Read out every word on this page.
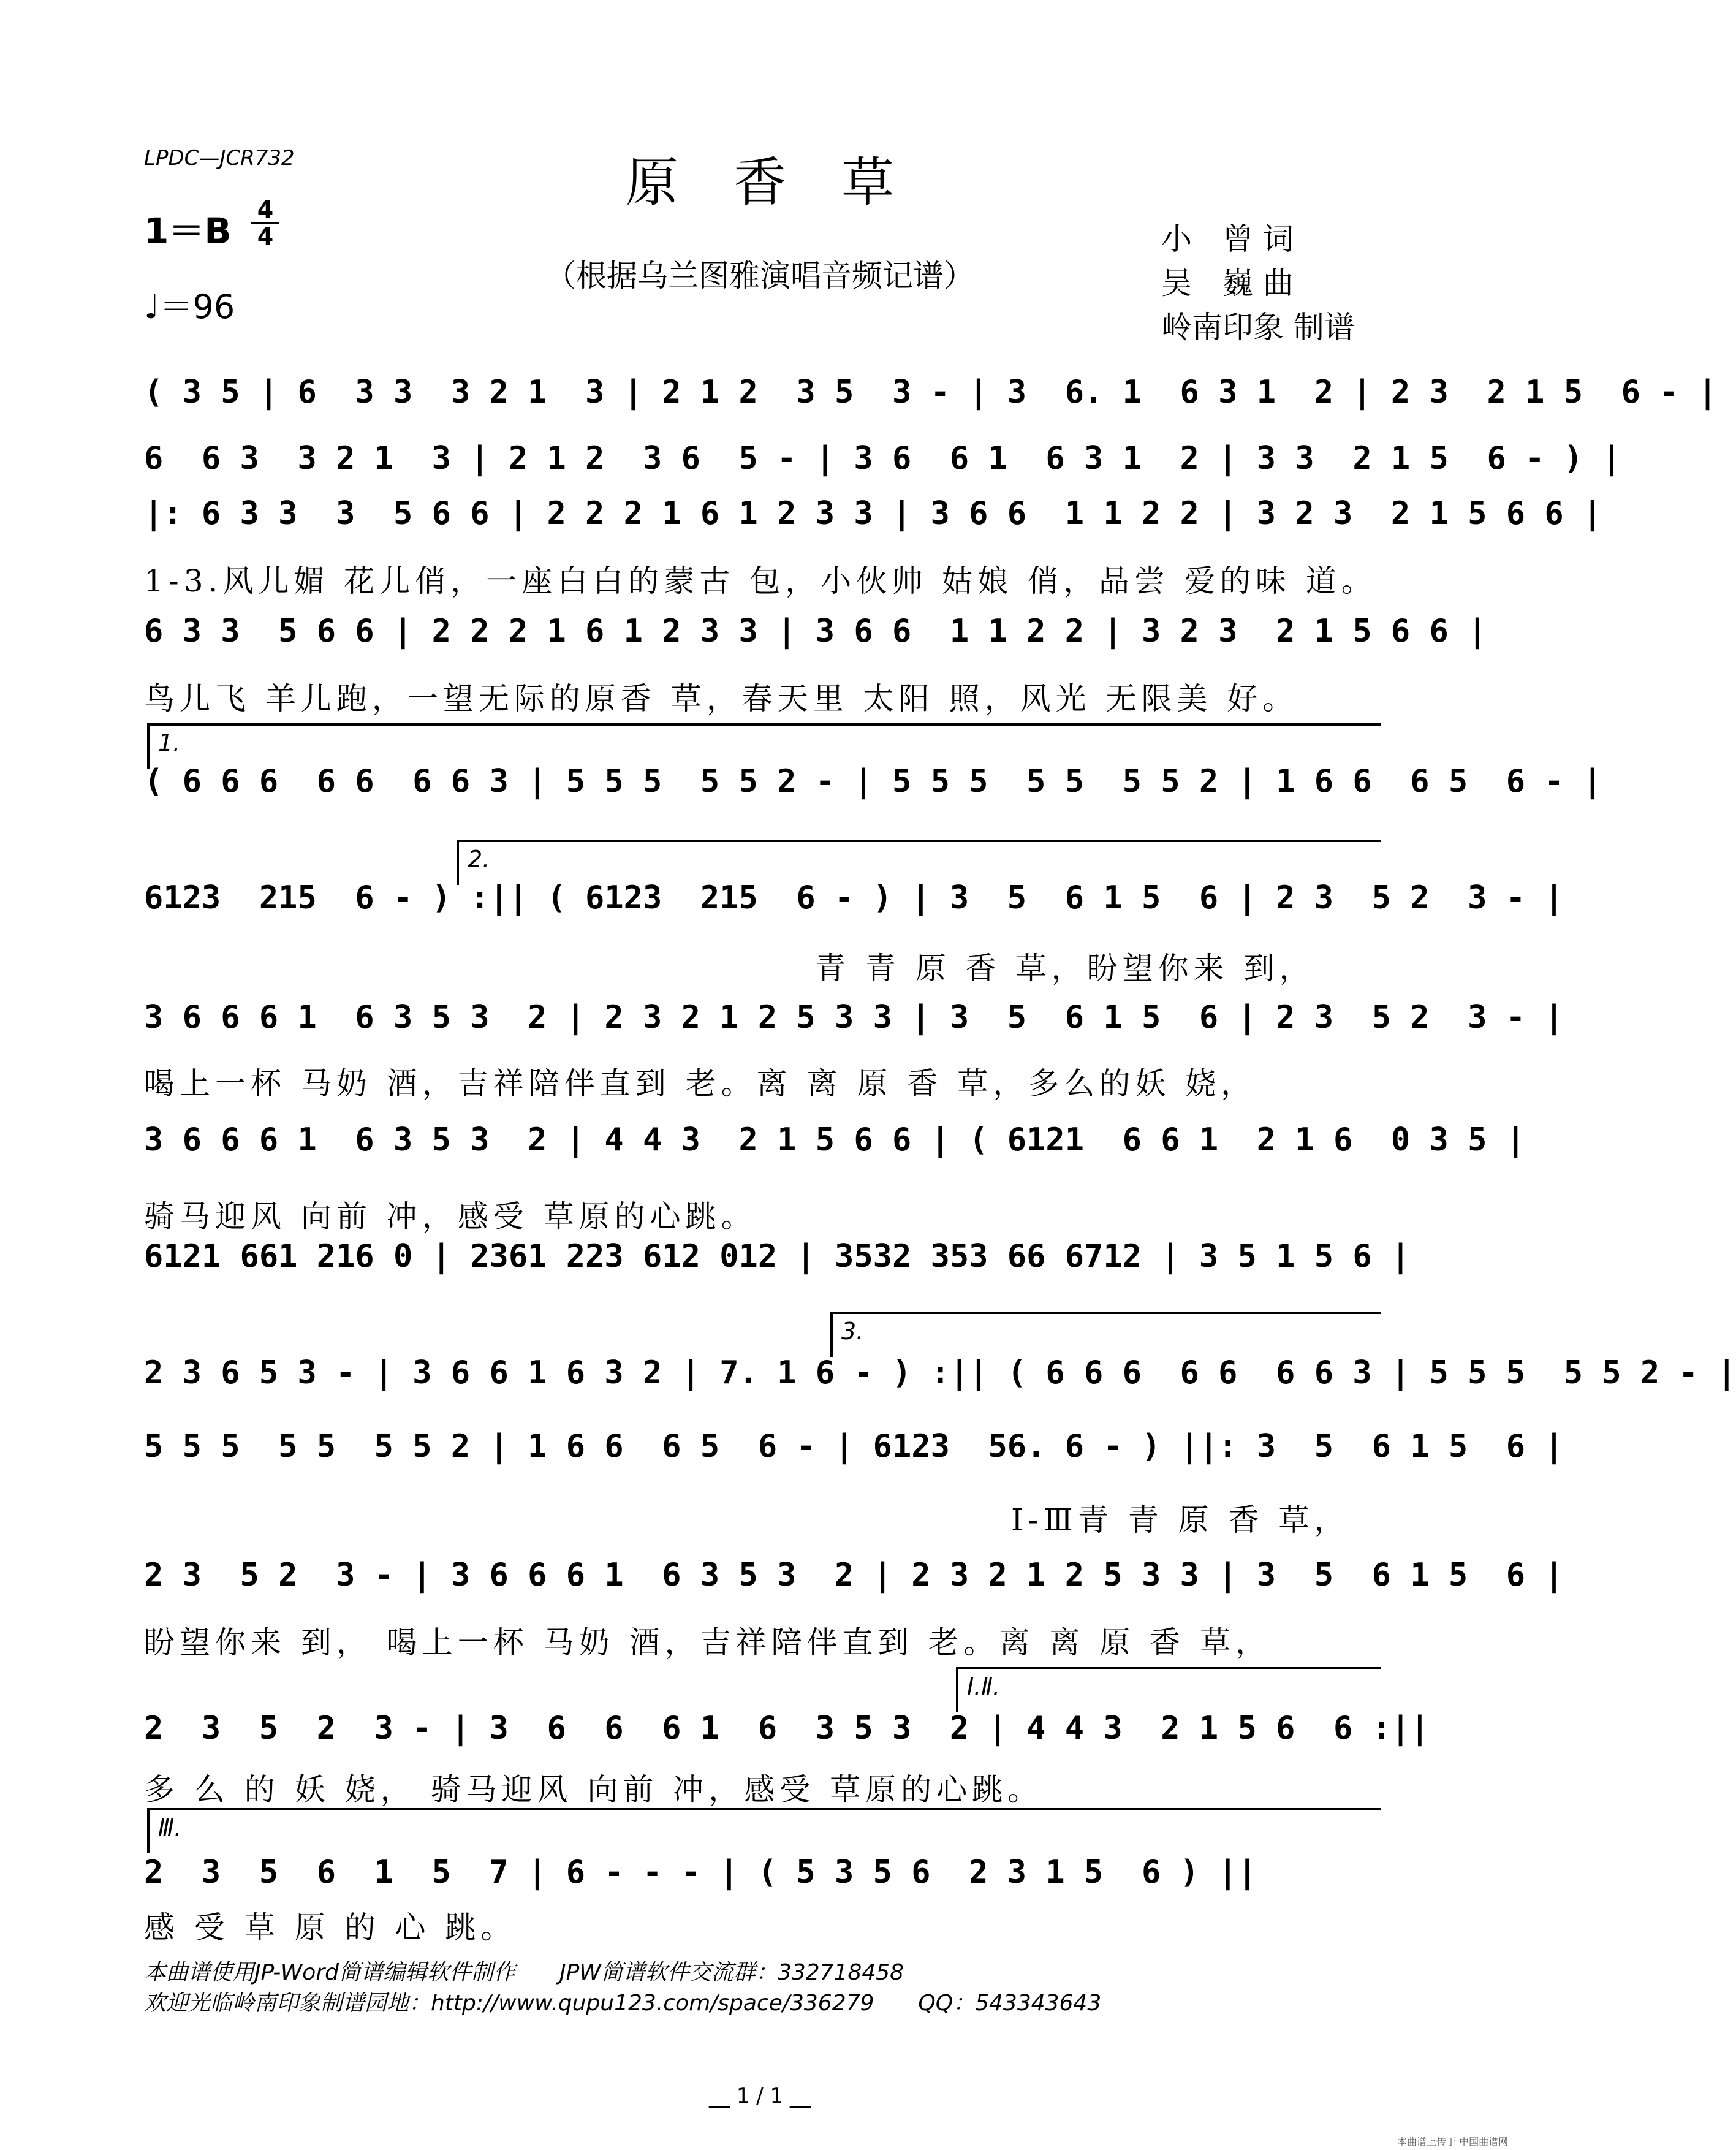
LPDC—JCR732	原香草
（根据乌兰图雅演唱音频记谱）
1＝B
4
4
♩＝96
小　曾 词
吴　巍 曲
岭南印象 制谱
( 3 5 | 6  3 3  3 2 1  3 | 2 1 2  3 5  3 - | 3  6. 1  6 3 1  2 | 2 3  2 1 5  6 - |
6  6 3  3 2 1  3 | 2 1 2  3 6  5 - | 3 6  6 1  6 3 1  2 | 3 3  2 1 5  6 - ) |
|: 6 3 3  3  5 6 6 | 2 2 2 1 6 1 2 3 3 | 3 6 6  1 1 2 2 | 3 2 3  2 1 5 6 6 |
1-3.风儿媚 花儿俏，一座白白的蒙古 包，小伙帅 姑娘 俏，品尝 爱的味 道。
6 3 3  5 6 6 | 2 2 2 1 6 1 2 3 3 | 3 6 6  1 1 2 2 | 3 2 3  2 1 5 6 6 |
鸟儿飞 羊儿跑，一望无际的原香 草，春天里 太阳 照，风光 无限美 好。
1.
( 6 6 6  6 6  6 6 3 | 5 5 5  5 5 2 - | 5 5 5  5 5  5 5 2 | 1 6 6  6 5  6 - |
2.
6123  215  6 - ) :|| ( 6123  215  6 - ) | 3  5  6 1 5  6 | 2 3  5 2  3 - |
青 青 原 香 草，盼望你来 到，
3 6 6 6 1  6 3 5 3  2 | 2 3 2 1 2 5 3 3 | 3  5  6 1 5  6 | 2 3  5 2  3 - |
喝上一杯 马奶 酒，吉祥陪伴直到 老。离 离 原 香 草，多么的妖 娆，
3 6 6 6 1  6 3 5 3  2 | 4 4 3  2 1 5 6 6 | ( 6121  6 6 1  2 1 6  0 3 5 |
骑马迎风 向前 冲，感受 草原的心跳。
6121 661 216 0 | 2361 223 612 012 | 3532 353 66 6712 | 3 5 1 5 6 |
3.
2 3 6 5 3 - | 3 6 6 1 6 3 2 | 7. 1 6 - ) :|| ( 6 6 6  6 6  6 6 3 | 5 5 5  5 5 2 - |
5 5 5  5 5  5 5 2 | 1 6 6  6 5  6 - | 6123  56. 6 - ) ||: 3  5  6 1 5  6 |
Ⅰ-Ⅲ青 青 原 香 草，
2 3  5 2  3 - | 3 6 6 6 1  6 3 5 3  2 | 2 3 2 1 2 5 3 3 | 3  5  6 1 5  6 |
盼望你来 到， 喝上一杯 马奶 酒，吉祥陪伴直到 老。离 离 原 香 草，
Ⅰ.Ⅱ.
2  3  5  2  3 - | 3  6  6  6 1  6  3 5 3  2 | 4 4 3  2 1 5 6  6 :||
多 么 的 妖 娆， 骑马迎风 向前 冲，感受 草原的心跳。
Ⅲ.
2  3  5  6  1  5  7 | 6 - - - | ( 5 3 5 6  2 3 1 5  6 ) ||
感 受 草 原 的 心 跳。
本曲谱使用JP-Word简谱编辑软件制作　　JPW简谱软件交流群：332718458
欢迎光临岭南印象制谱园地：http://www.qupu123.com/space/336279　　QQ：543343643
__ 1 / 1 __
本曲谱上传于 中国曲谱网
